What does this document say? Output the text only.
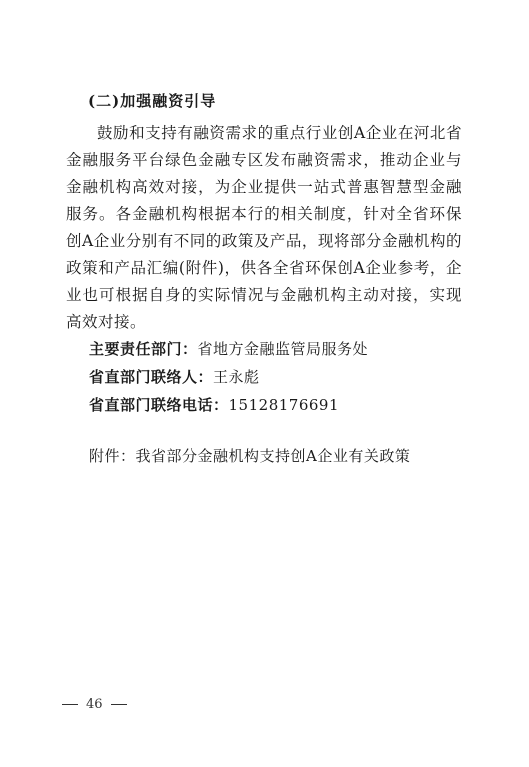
(二)加强融资引导

鼓励和支持有融资需求的重点行业创A企业在河北省金融服务平台绿色金融专区发布融资需求，推动企业与金融机构高效对接，为企业提供一站式普惠智慧型金融服务。各金融机构根据本行的相关制度，针对全省环保创A企业分别有不同的政策及产品，现将部分金融机构的政策和产品汇编(附件)，供各全省环保创A企业参考，企业也可根据自身的实际情况与金融机构主动对接，实现高效对接。

主要责任部门：省地方金融监管局服务处
省直部门联络人：王永彪
省直部门联络电话：15128176691
附件：我省部分金融机构支持创A企业有关政策
46
